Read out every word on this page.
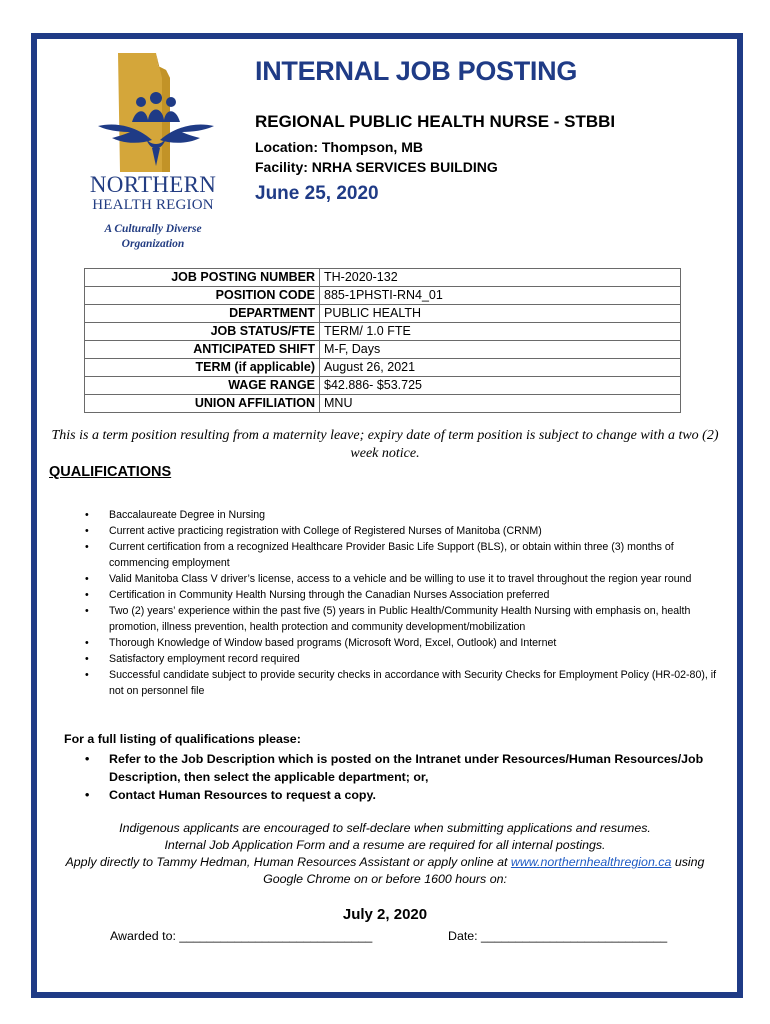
NORTHERN
HEALTH REGION
A Culturally Diverse
Organization
INTERNAL JOB POSTING
REGIONAL PUBLIC HEALTH NURSE - STBBI
Location: Thompson, MB
Facility: NRHA SERVICES BUILDING
June 25, 2020
JOB POSTING NUMBER	TH-2020-132
POSITION CODE	885-1PHSTI-RN4_01
DEPARTMENT	PUBLIC HEALTH
JOB STATUS/FTE	TERM/ 1.0 FTE
ANTICIPATED SHIFT	M-F, Days
TERM (if applicable)	August 26, 2021
WAGE RANGE	$42.886- $53.725
UNION AFFILIATION	MNU
This is a term position resulting from a maternity leave; expiry date of term position is subject to change with a two (2) week notice.
QUALIFICATIONS
• Baccalaureate Degree in Nursing
• Current active practicing registration with College of Registered Nurses of Manitoba (CRNM)
• Current certification from a recognized Healthcare Provider Basic Life Support (BLS), or obtain within three (3) months of commencing employment
• Valid Manitoba Class V driver’s license, access to a vehicle and be willing to use it to travel throughout the region year round
• Certification in Community Health Nursing through the Canadian Nurses Association preferred
• Two (2) years’ experience within the past five (5) years in Public Health/Community Health Nursing with emphasis on, health promotion, illness prevention, health protection and community development/mobilization
• Thorough Knowledge of Window based programs (Microsoft Word, Excel, Outlook) and Internet
• Satisfactory employment record required
• Successful candidate subject to provide security checks in accordance with Security Checks for Employment Policy (HR-02-80), if not on personnel file
For a full listing of qualifications please:
• Refer to the Job Description which is posted on the Intranet under Resources/Human Resources/Job Description, then select the applicable department; or,
• Contact Human Resources to request a copy.
Indigenous applicants are encouraged to self-declare when submitting applications and resumes.
Internal Job Application Form and a resume are required for all internal postings.
Apply directly to Tammy Hedman, Human Resources Assistant or apply online at www.northernhealthregion.ca using
Google Chrome on or before 1600 hours on:
July 2, 2020
Awarded to: ____________________________	Date: ___________________________
